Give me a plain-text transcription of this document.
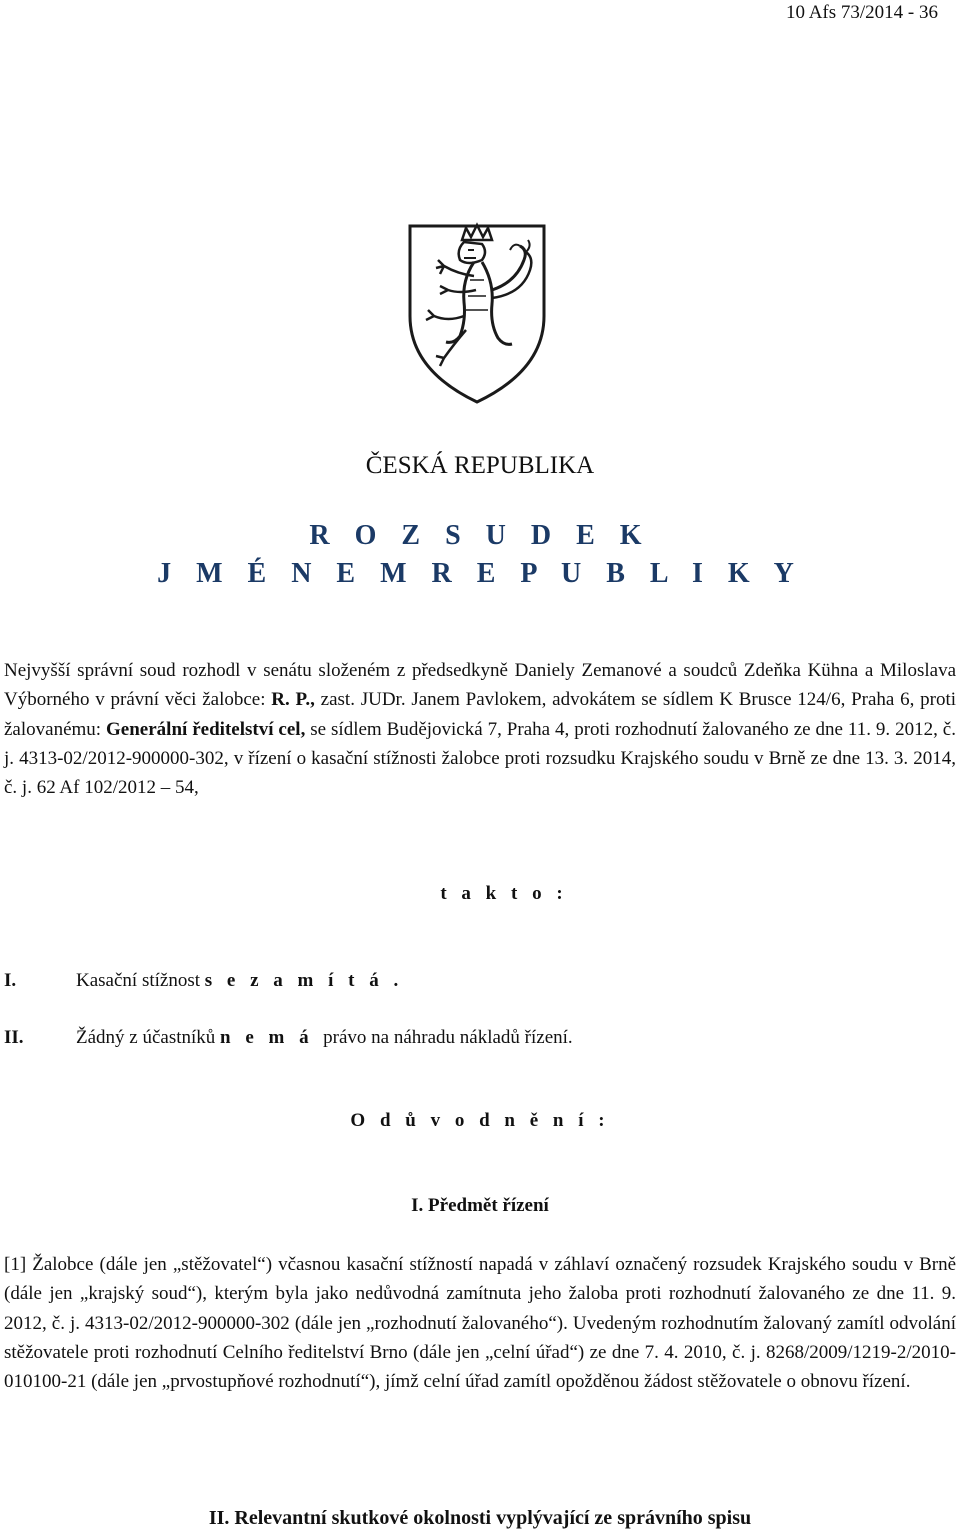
10 Afs 73/2014 - 36
ČESKÁ REPUBLIKA
R O Z S U D E K
J M É N E M R E P U B L I K Y

Nejvyšší správní soud rozhodl v senátu složeném z předsedkyně Daniely Zemanové a soudců Zdeňka Kühna a Miloslava Výborného v právní věci žalobce: R. P., zast. JUDr. Janem Pavlokem, advokátem se sídlem K Brusce 124/6, Praha 6, proti žalovanému: Generální ředitelství cel, se sídlem Budějovická 7, Praha 4, proti rozhodnutí žalovaného ze dne 11. 9. 2012, č. j. 4313-02/2012-900000-302, v řízení o kasační stížnosti žalobce proti rozsudku Krajského soudu v Brně ze dne 13. 3. 2014, č. j. 62 Af 102/2012 – 54,

t a k t o :
I.	Kasační stížnost s e z a m í t á .
II.	Žádný z účastníků n e m á  právo na náhradu nákladů řízení.
O d ů v o d n ě n í :
I. Předmět řízení

[1] Žalobce (dále jen „stěžovatel“) včasnou kasační stížností napadá v záhlaví označený rozsudek Krajského soudu v Brně (dále jen „krajský soud“), kterým byla jako nedůvodná zamítnuta jeho žaloba proti rozhodnutí žalovaného ze dne 11. 9. 2012, č. j. 4313-02/2012-900000-302 (dále jen „rozhodnutí žalovaného“). Uvedeným rozhodnutím žalovaný zamítl odvolání stěžovatele proti rozhodnutí Celního ředitelství Brno (dále jen „celní úřad“) ze dne 7. 4. 2010, č. j. 8268/2009/1219-2/2010-010100-21 (dále jen „prvostupňové rozhodnutí“), jímž celní úřad zamítl opožděnou žádost stěžovatele o obnovu řízení.

II. Relevantní skutkové okolnosti vyplývající ze správního spisu
